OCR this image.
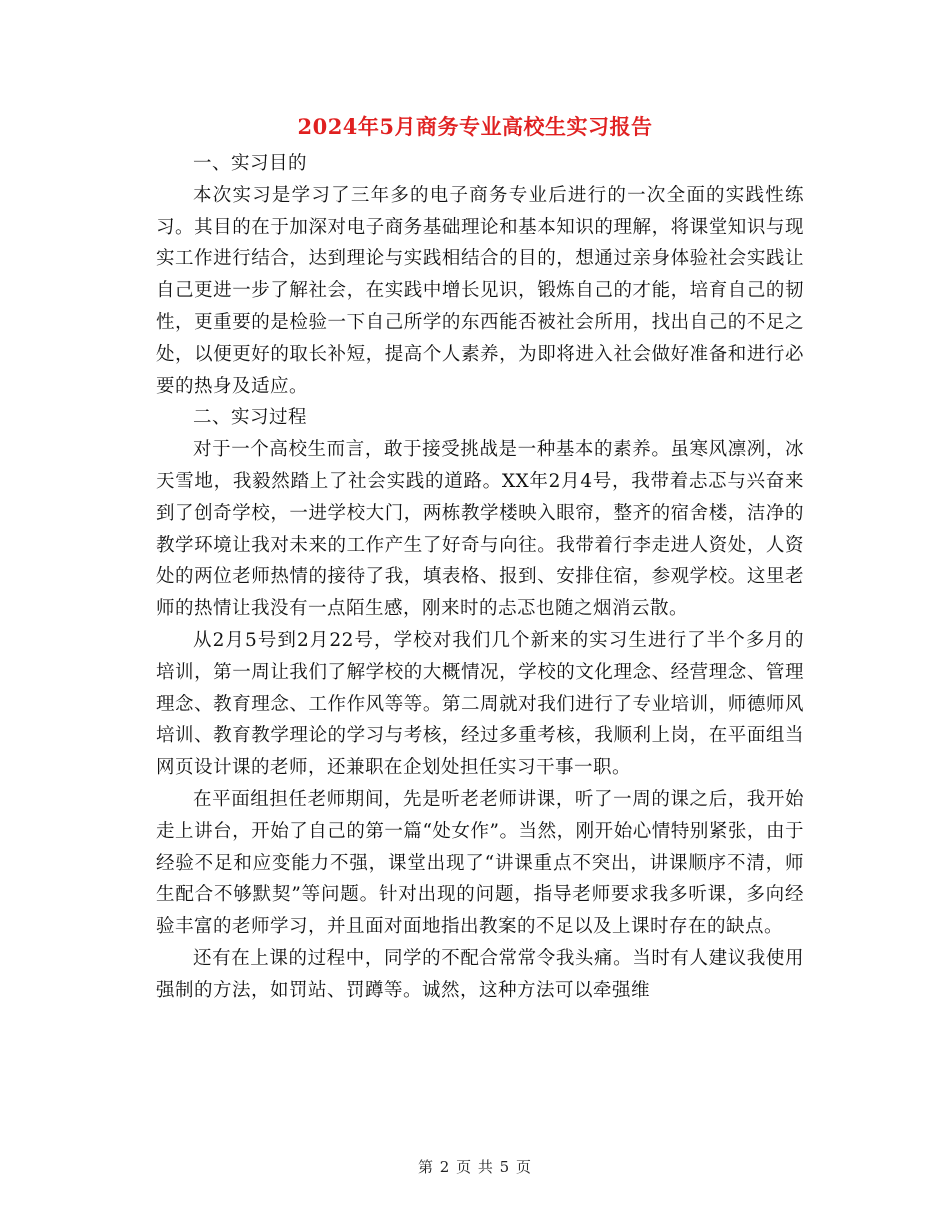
2024年5月商务专业高校生实习报告

一、实习目的

本次实习是学习了三年多的电子商务专业后进行的一次全面的实践性练习。其目的在于加深对电子商务基础理论和基本知识的理解，将课堂知识与现实工作进行结合，达到理论与实践相结合的目的，想通过亲身体验社会实践让自己更进一步了解社会，在实践中增长见识，锻炼自己的才能，培育自己的韧性，更重要的是检验一下自己所学的东西能否被社会所用，找出自己的不足之处，以便更好的取长补短，提高个人素养，为即将进入社会做好准备和进行必要的热身及适应。

二、实习过程

对于一个高校生而言，敢于接受挑战是一种基本的素养。虽寒风凛冽，冰天雪地，我毅然踏上了社会实践的道路。XX年2月4号，我带着忐忑与兴奋来到了创奇学校，一进学校大门，两栋教学楼映入眼帘，整齐的宿舍楼，洁净的教学环境让我对未来的工作产生了好奇与向往。我带着行李走进人资处，人资处的两位老师热情的接待了我，填表格、报到、安排住宿，参观学校。这里老师的热情让我没有一点陌生感，刚来时的忐忑也随之烟消云散。

从2月5号到2月22号，学校对我们几个新来的实习生进行了半个多月的培训，第一周让我们了解学校的大概情况，学校的文化理念、经营理念、管理理念、教育理念、工作作风等等。第二周就对我们进行了专业培训，师德师风培训、教育教学理论的学习与考核，经过多重考核，我顺利上岗，在平面组当网页设计课的老师，还兼职在企划处担任实习干事一职。

在平面组担任老师期间，先是听老老师讲课，听了一周的课之后，我开始走上讲台，开始了自己的第一篇“处女作”。当然，刚开始心情特别紧张，由于经验不足和应变能力不强，课堂出现了“讲课重点不突出，讲课顺序不清，师生配合不够默契”等问题。针对出现的问题，指导老师要求我多听课，多向经验丰富的老师学习，并且面对面地指出教案的不足以及上课时存在的缺点。

还有在上课的过程中，同学的不配合常常令我头痛。当时有人建议我使用强制的方法，如罚站、罚蹲等。诚然，这种方法可以牵强维

第 2 页 共 5 页
